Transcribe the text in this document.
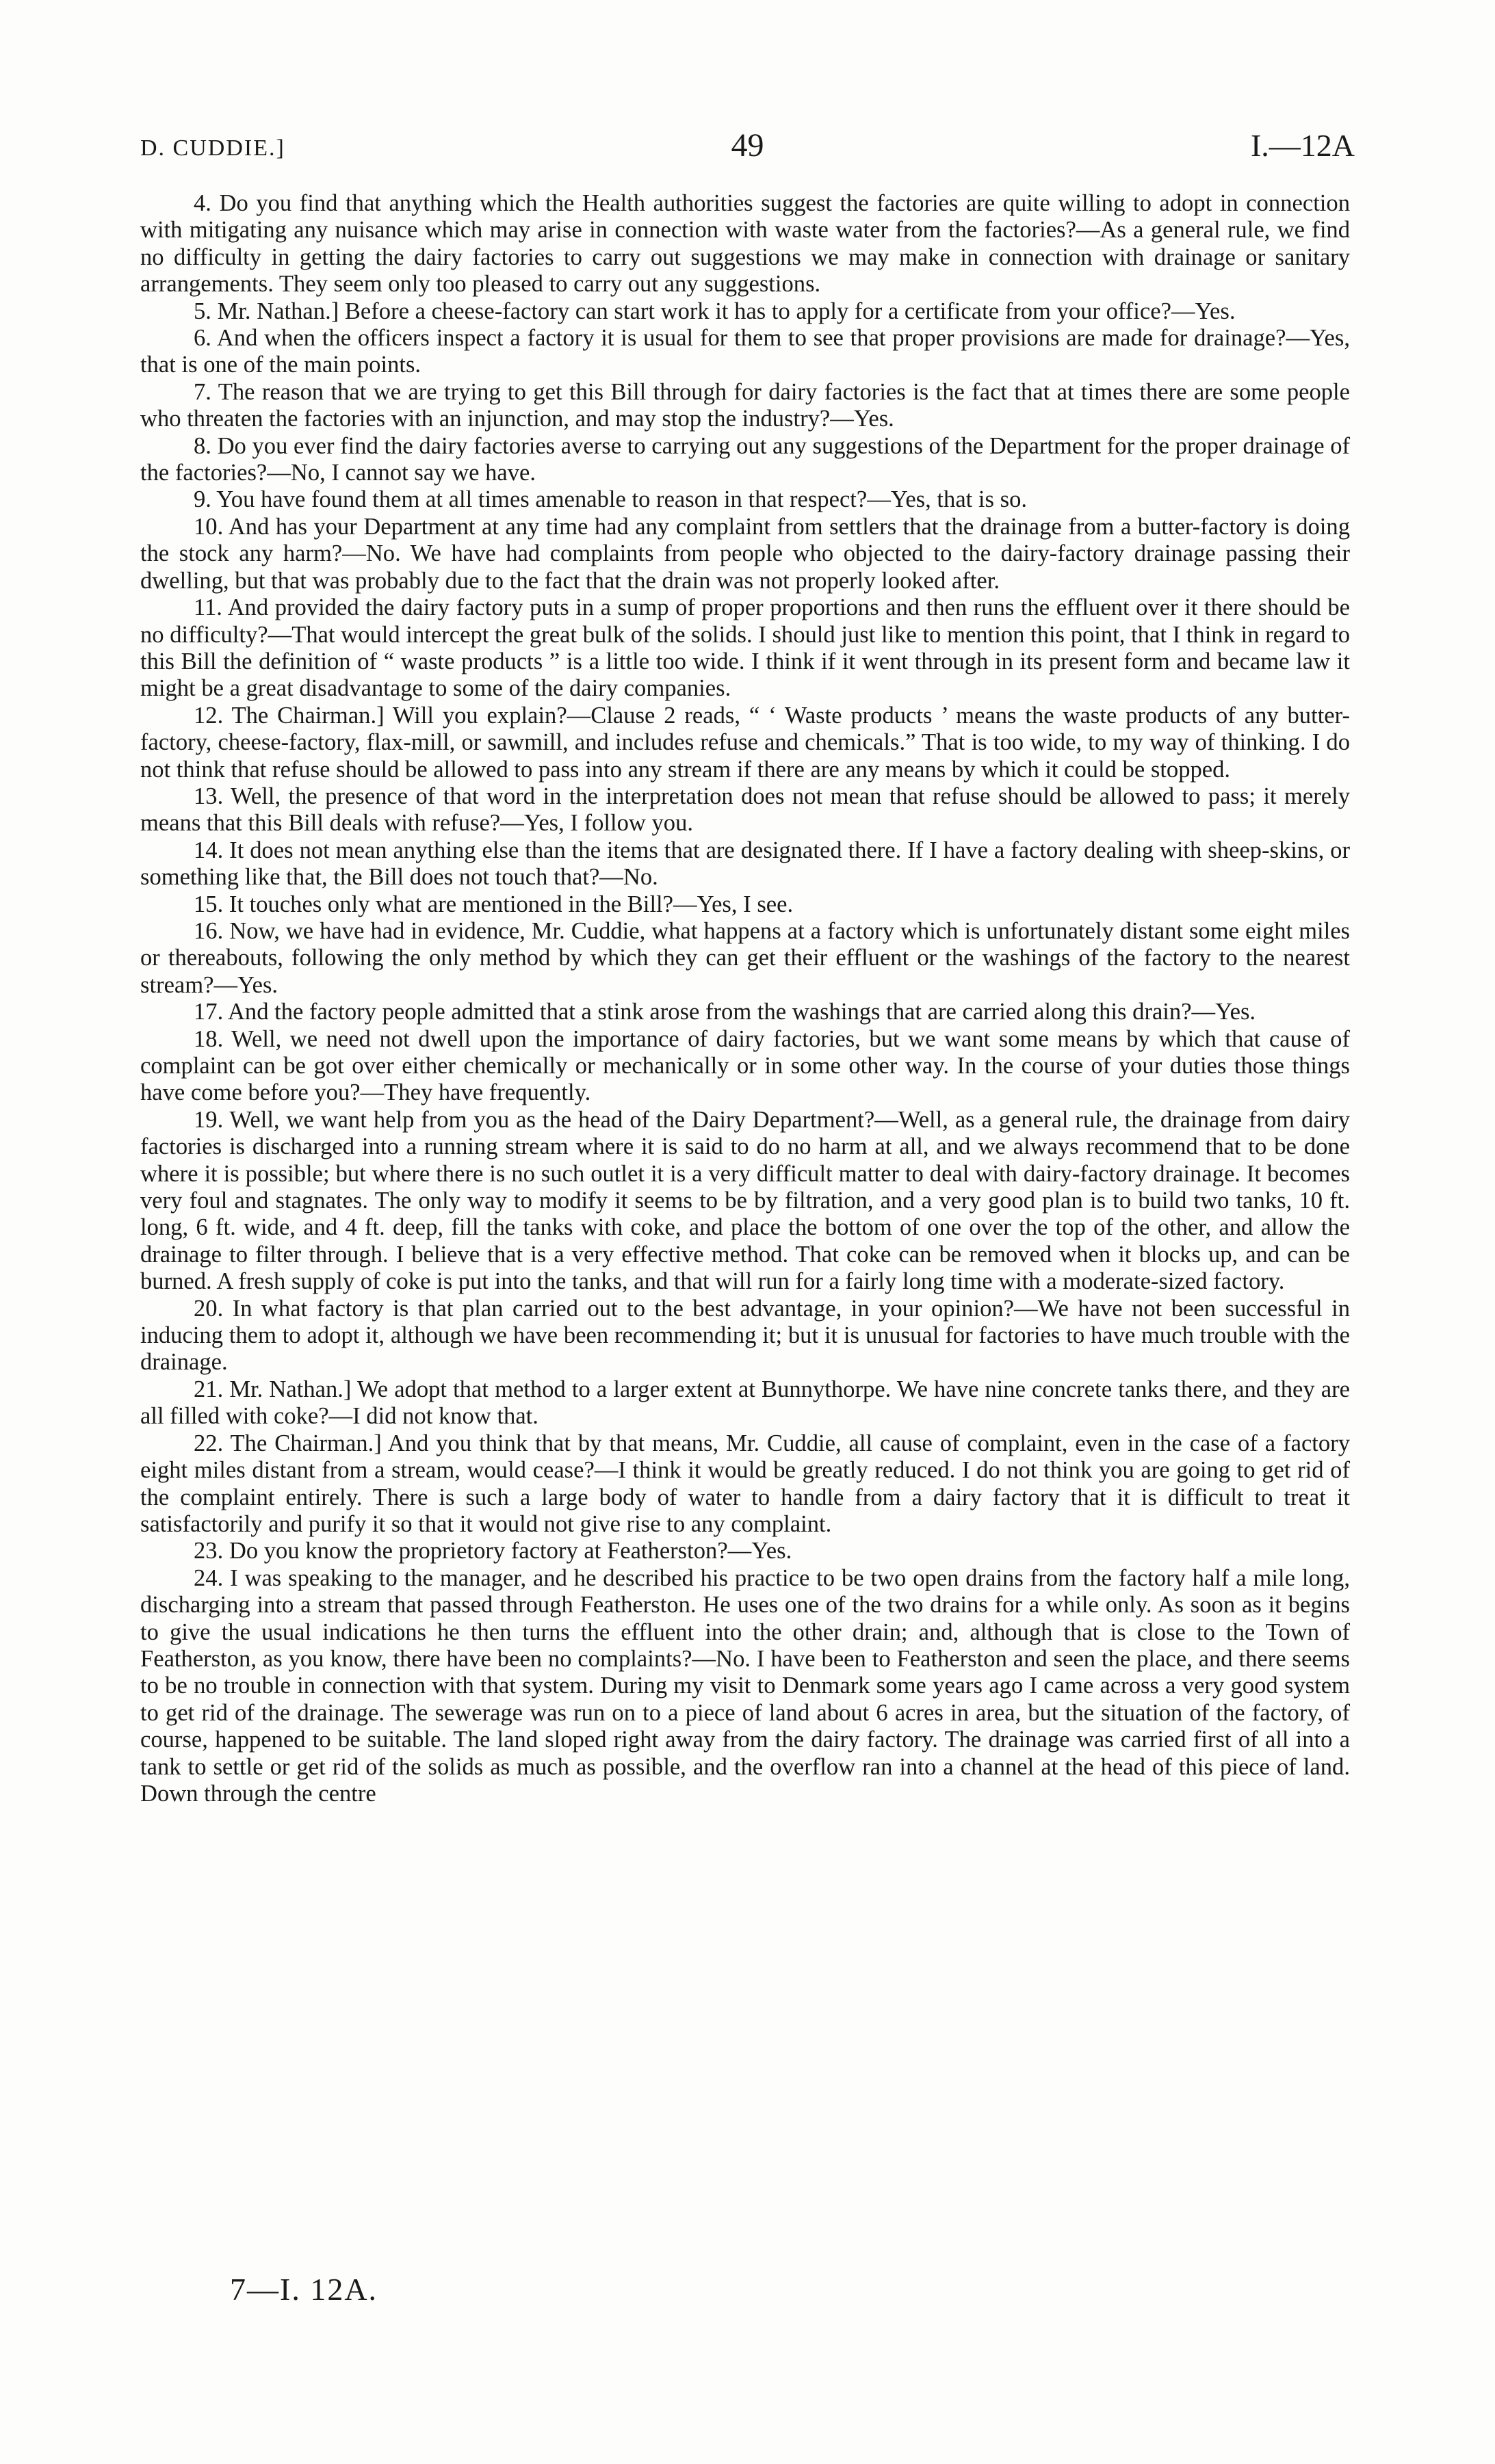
D. CUDDIE.]	49	I.—12A

4. Do you find that anything which the Health authorities suggest the factories are quite willing to adopt in connection with mitigating any nuisance which may arise in connection with waste water from the factories?—As a general rule, we find no difficulty in getting the dairy factories to carry out suggestions we may make in connection with drainage or sanitary arrangements. They seem only too pleased to carry out any suggestions.

5. Mr. Nathan.] Before a cheese-factory can start work it has to apply for a certificate from your office?—Yes.

6. And when the officers inspect a factory it is usual for them to see that proper provisions are made for drainage?—Yes, that is one of the main points.

7. The reason that we are trying to get this Bill through for dairy factories is the fact that at times there are some people who threaten the factories with an injunction, and may stop the industry?—Yes.

8. Do you ever find the dairy factories averse to carrying out any suggestions of the Department for the proper drainage of the factories?—No, I cannot say we have.

9. You have found them at all times amenable to reason in that respect?—Yes, that is so.

10. And has your Department at any time had any complaint from settlers that the drainage from a butter-factory is doing the stock any harm?—No. We have had complaints from people who objected to the dairy-factory drainage passing their dwelling, but that was probably due to the fact that the drain was not properly looked after.

11. And provided the dairy factory puts in a sump of proper proportions and then runs the effluent over it there should be no difficulty?—That would intercept the great bulk of the solids. I should just like to mention this point, that I think in regard to this Bill the definition of “ waste products ” is a little too wide. I think if it went through in its present form and became law it might be a great disadvantage to some of the dairy companies.

12. The Chairman.] Will you explain?—Clause 2 reads, “ ‘ Waste products ’ means the waste products of any butter-factory, cheese-factory, flax-mill, or sawmill, and includes refuse and chemicals.” That is too wide, to my way of thinking. I do not think that refuse should be allowed to pass into any stream if there are any means by which it could be stopped.

13. Well, the presence of that word in the interpretation does not mean that refuse should be allowed to pass; it merely means that this Bill deals with refuse?—Yes, I follow you.

14. It does not mean anything else than the items that are designated there. If I have a factory dealing with sheep-skins, or something like that, the Bill does not touch that?—No.

15. It touches only what are mentioned in the Bill?—Yes, I see.

16. Now, we have had in evidence, Mr. Cuddie, what happens at a factory which is unfortunately distant some eight miles or thereabouts, following the only method by which they can get their effluent or the washings of the factory to the nearest stream?—Yes.

17. And the factory people admitted that a stink arose from the washings that are carried along this drain?—Yes.

18. Well, we need not dwell upon the importance of dairy factories, but we want some means by which that cause of complaint can be got over either chemically or mechanically or in some other way. In the course of your duties those things have come before you?—They have frequently.

19. Well, we want help from you as the head of the Dairy Department?—Well, as a general rule, the drainage from dairy factories is discharged into a running stream where it is said to do no harm at all, and we always recommend that to be done where it is possible; but where there is no such outlet it is a very difficult matter to deal with dairy-factory drainage. It becomes very foul and stagnates. The only way to modify it seems to be by filtration, and a very good plan is to build two tanks, 10 ft. long, 6 ft. wide, and 4 ft. deep, fill the tanks with coke, and place the bottom of one over the top of the other, and allow the drainage to filter through. I believe that is a very effective method. That coke can be removed when it blocks up, and can be burned. A fresh supply of coke is put into the tanks, and that will run for a fairly long time with a moderate-sized factory.

20. In what factory is that plan carried out to the best advantage, in your opinion?—We have not been successful in inducing them to adopt it, although we have been recommending it; but it is unusual for factories to have much trouble with the drainage.

21. Mr. Nathan.] We adopt that method to a larger extent at Bunnythorpe. We have nine concrete tanks there, and they are all filled with coke?—I did not know that.

22. The Chairman.] And you think that by that means, Mr. Cuddie, all cause of complaint, even in the case of a factory eight miles distant from a stream, would cease?—I think it would be greatly reduced. I do not think you are going to get rid of the complaint entirely. There is such a large body of water to handle from a dairy factory that it is difficult to treat it satisfactorily and purify it so that it would not give rise to any complaint.

23. Do you know the proprietory factory at Featherston?—Yes.

24. I was speaking to the manager, and he described his practice to be two open drains from the factory half a mile long, discharging into a stream that passed through Featherston. He uses one of the two drains for a while only. As soon as it begins to give the usual indications he then turns the effluent into the other drain; and, although that is close to the Town of Featherston, as you know, there have been no complaints?—No. I have been to Featherston and seen the place, and there seems to be no trouble in connection with that system. During my visit to Denmark some years ago I came across a very good system to get rid of the drainage. The sewerage was run on to a piece of land about 6 acres in area, but the situation of the factory, of course, happened to be suitable. The land sloped right away from the dairy factory. The drainage was carried first of all into a tank to settle or get rid of the solids as much as possible, and the overflow ran into a channel at the head of this piece of land. Down through the centre

7—I. 12A.
